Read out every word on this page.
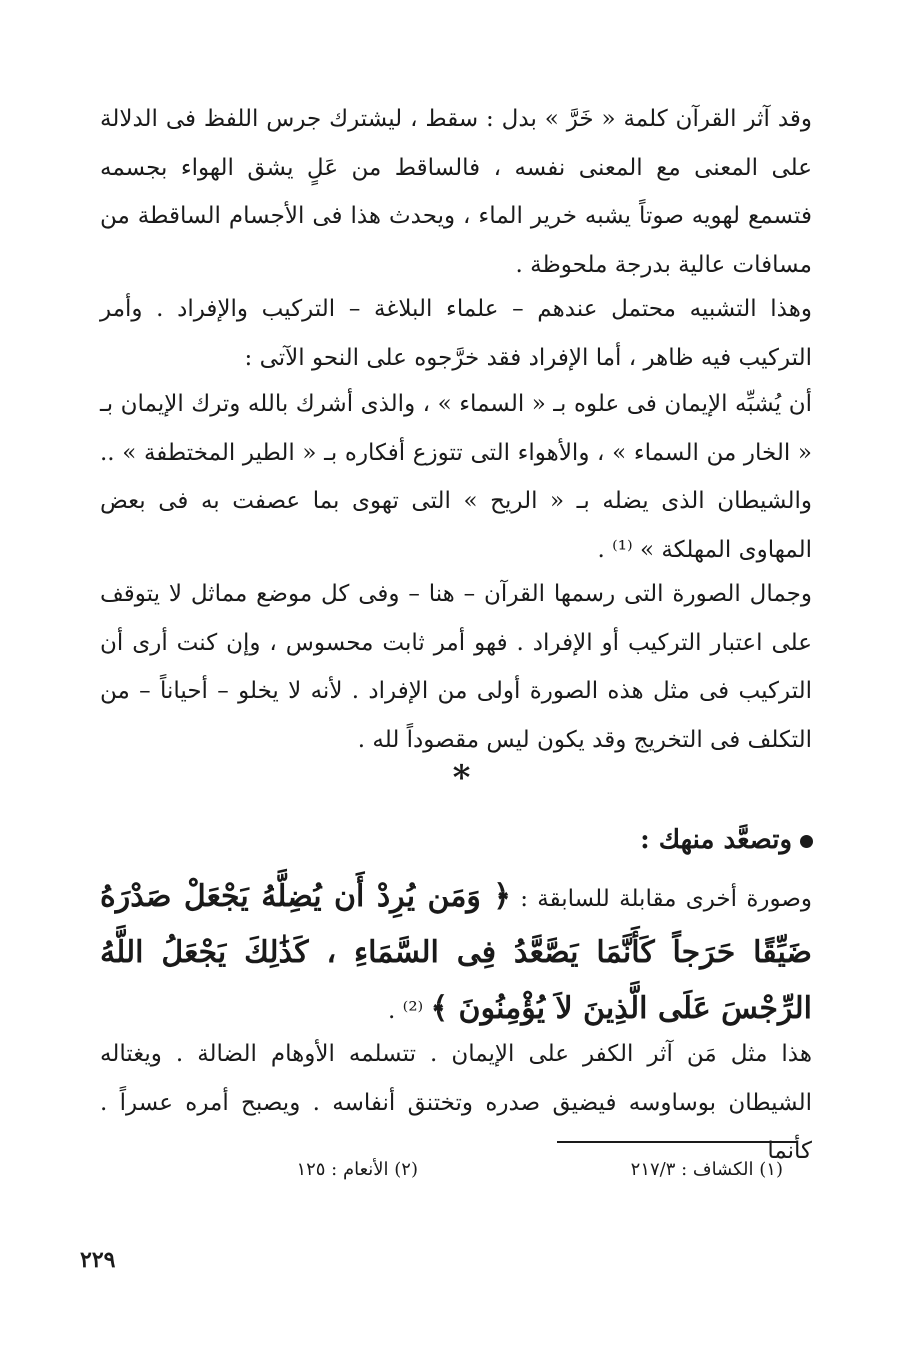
وقد آثر القرآن كلمة « خَرَّ » بدل : سقط ، ليشترك جرس اللفظ فى الدلالة على المعنى مع المعنى نفسه ، فالساقط من عَلٍ يشق الهواء بجسمه فتسمع لهويه صوتاً يشبه خرير الماء ، ويحدث هذا فى الأجسام الساقطة من مسافات عالية بدرجة ملحوظة .

وهذا التشبيه محتمل عندهم – علماء البلاغة – التركيب والإفراد . وأمر التركيب فيه ظاهر ، أما الإفراد فقد خرَّجوه على النحو الآتى :

أن يُشبِّه الإيمان فى علوه بـ « السماء » ، والذى أشرك بالله وترك الإيمان بـ « الخار من السماء » ، والأهواء التى تتوزع أفكاره بـ « الطير المختطفة » .. والشيطان الذى يضله بـ « الريح » التى تهوى بما عصفت به فى بعض المهاوى المهلكة » ⁽¹⁾ .

وجمال الصورة التى رسمها القرآن – هنا – وفى كل موضع مماثل لا يتوقف على اعتبار التركيب أو الإفراد . فهو أمر ثابت محسوس ، وإن كنت أرى أن التركيب فى مثل هذه الصورة أولى من الإفراد . لأنه لا يخلو – أحياناً – من التكلف فى التخريج وقد يكون ليس مقصوداً لله .

*
وتصعَّد منهك :

وصورة أخرى مقابلة للسابقة : ﴿ وَمَن يُرِدْ أَن يُضِلَّهُ يَجْعَلْ صَدْرَهُ ضَيِّقًا حَرَجاً كَأَنَّمَا يَصَّعَّدُ فِى السَّمَاءِ ، كَذَٰلِكَ يَجْعَلُ اللَّهُ الرِّجْسَ عَلَى الَّذِينَ لاَ يُؤْمِنُونَ ﴾ ⁽²⁾ .

هذا مثل مَن آثر الكفر على الإيمان . تتسلمه الأوهام الضالة . ويغتاله الشيطان بوساوسه فيضيق صدره وتختنق أنفاسه . ويصبح أمره عسراً . كأنما

(١) الكشاف : ٢١٧/٣
(٢) الأنعام : ١٢٥
٢٢٩
